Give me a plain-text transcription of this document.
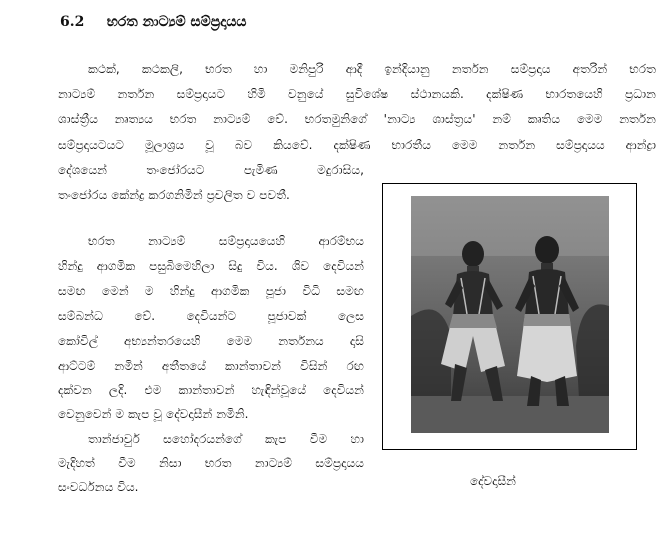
6.2 භරත නාට්‍යම් සම්ප්‍රදායය
කථක්, කථකලි, භරත හා මනිපුරි ආදී ඉන්දියානු නර්තන සම්ප්‍රදාය අතරින් භරත
නාට්‍යම් නර්තන සම්ප්‍රදායට හිමි වනුයේ සුවිශේෂ ස්ථානයකි. දක්ෂිණ භාරතයෙහි ප්‍රධාන
ශාස්ත්‍රීය නෘත්‍යය භරත නාට්‍යම් වේ. භරතමුනිගේ 'නාට්‍ය ශාස්ත්‍රය' නම් කෘතිය මෙම නර්තන
සම්ප්‍රදායටයට මූලාශ්‍රය වූ බව කියවේ. දක්ෂිණ භාරතීය මෙම නර්තන සම්ප්‍රදායය ආන්ද්‍රා
දේශයෙන් තංජෝරයට පැමිණ මදුරාසිය,
තංජෝරය කේන්ද්‍ර කරගනිමින් ප්‍රචලිත ව පවතී.
භරත නාට්‍යම් සම්ප්‍රදායයෙහි ආරම්භය
හින්දු ආගමික පසුබිමෙහිලා සිදු විය. ශිව දෙවියන්
සමඟ මෙන් ම හින්දු ආගමික පූජා විධි සමඟ
සම්බන්ධ වේ. දෙවියන්ට පූජාවක් ලෙස
කෝවිල් අභ්‍යන්තරයෙහි මෙම නර්තනය දාසි
ආට්ටම් නමින් අතීතයේ කාන්තාවන් විසින් රඟ
දක්වන ලදි. එම කාන්තාවන් හැඳින්වූයේ දෙවියන්
වෙනුවෙන් ම කැප වූ දේවදාසීන් නමිනි.
තාන්ජාවුර් සහෝදරයන්ගේ කැප වීම හා
මැදිහත් වීම නිසා භරත නාට්‍යම් සම්ප්‍රදායය
සංවර්ධනය විය.	දේවදාසීන්
